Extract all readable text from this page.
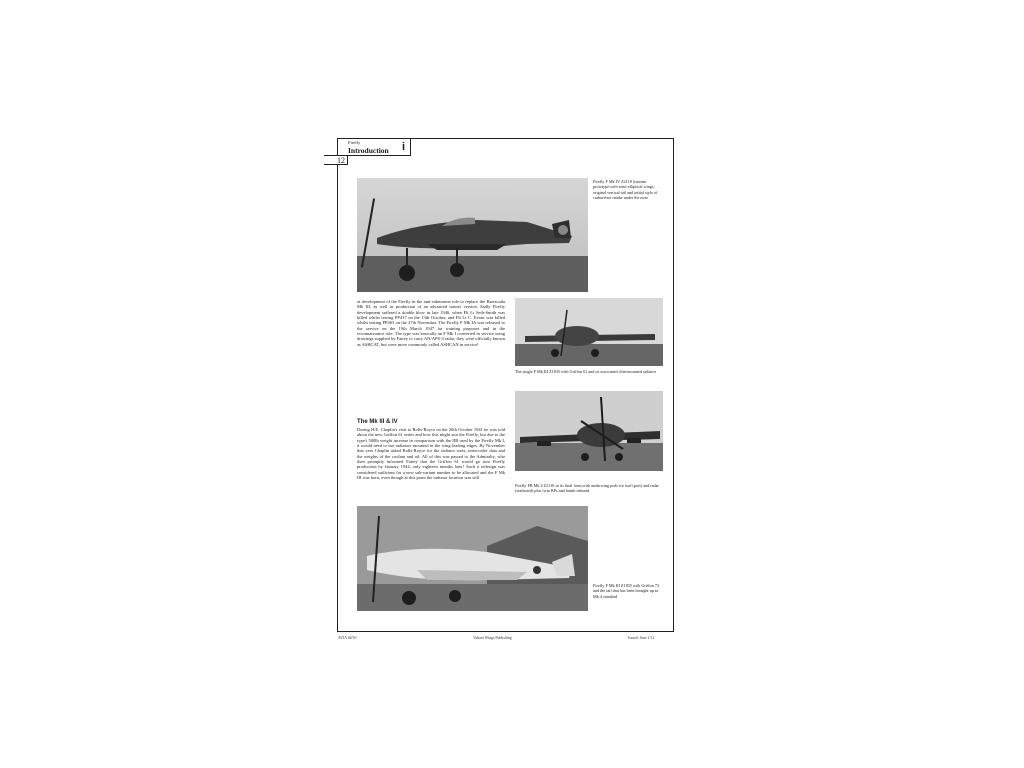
Firefly
Introduction i
12
Firefly F Mk IV Z2118 (interim prototype with semi-elliptical wings, original vertical tail and initial style of carburettor intake under the nose
at development of the Firefly in the anti-submarine role to replace the Barracuda Mk III, as well as production of an advanced trainer version. Sadly Firefly development suffered a double blow in late 1946, when Flt Lt Seth-Smith was killed whilst testing PP417 on the 13th October, and Flt Lt C. Evans was killed whilst testing PP463 on the 27th November. The Firefly F Mk IA was released to the service on the 19th March 1947 for training purposes and in the reconnaissance role. The type was basically an F Mk I converted in service using drawings supplied by Fairey to carry AN/APS-4 radar; they were officially known as ASHCAT, but were more commonly called ASHCAN in service!
The Mk III & IV
During H.E. Chaplin's visit to Rolls-Royce on the 20th October 1941 he was told about the new Griffon 61 series and how this might suit the Firefly, but due to the type's 500lb weight increase in comparison with the IIB used by the Firefly Mk I, it would need to use radiators mounted in the wing leading edges. By November that year Chaplin asked Rolls-Royce for the radiator sizes, intercooler data and the weights of the coolant and oil. All of this was passed to the Admiralty, who then promptly informed Fairey that the Griffon 61 would go into Firefly production by January 1944, only eighteen months later! Such a redesign was considered sufficient for a new sub-variant number to be allocated and the F Mk III was born, even though at this point the radiator location was still
The single F Mk III Z1835 with Griffon 61 and its associated chin-mounted radiator
Firefly FR Mk 4 Z2118 in its final form with underwing pods for fuel (port) and radar (starboard) plus twin RPs and bomb inboard
Firefly F Mk III Z1835 with Griffon 72 and the tail that has been brought up to Mk 4 standard
AVIA 04/10	Valiant Wings Publishing	Issued: June 1/12
